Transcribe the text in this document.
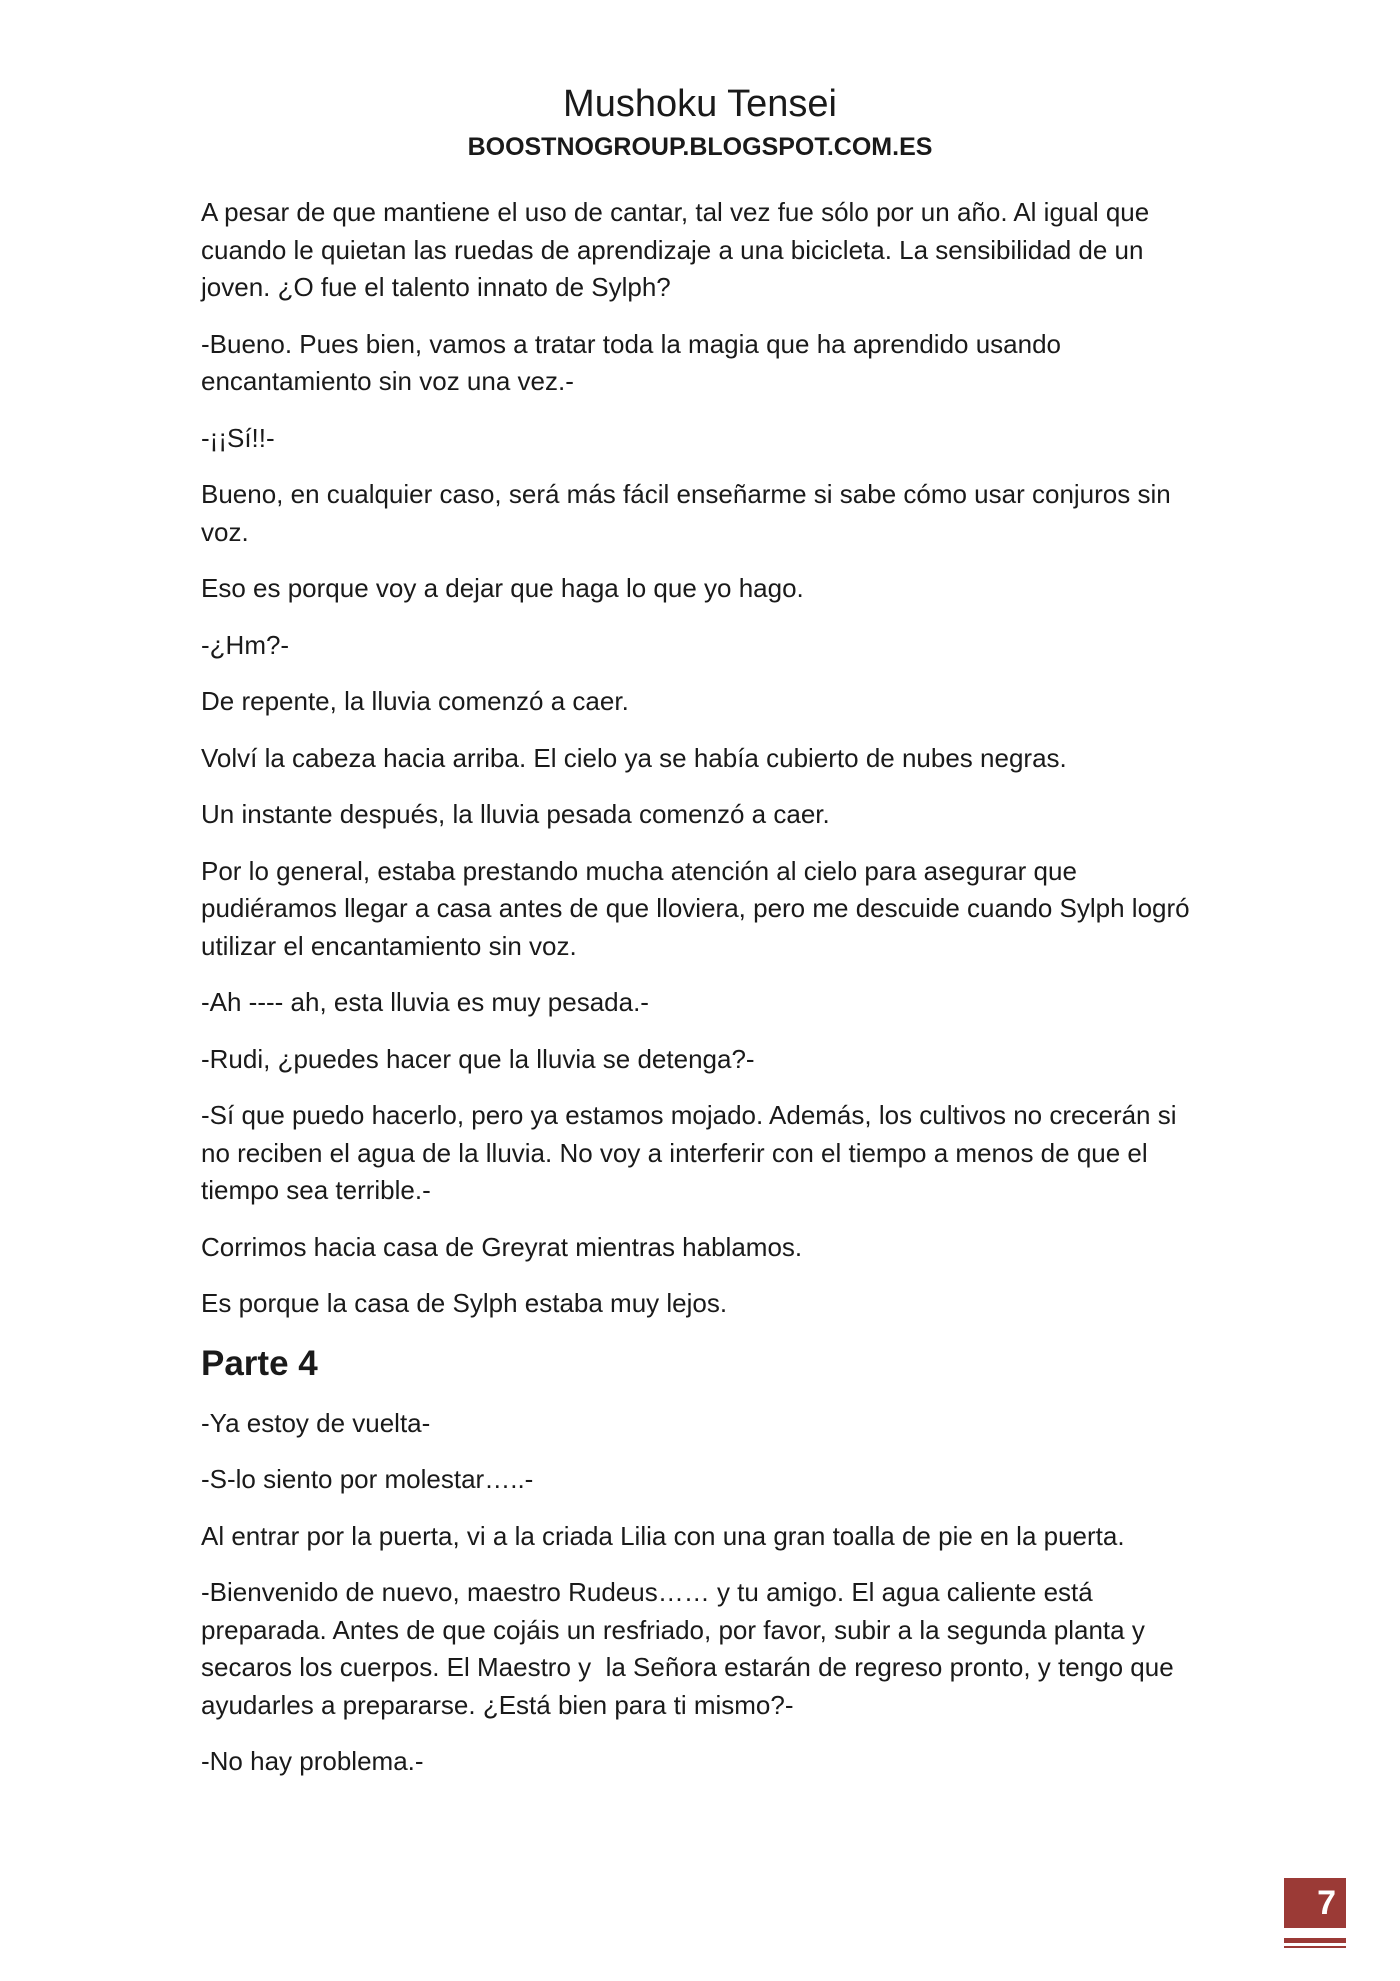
Mushoku Tensei
BOOSTNOGROUP.BLOGSPOT.COM.ES

A pesar de que mantiene el uso de cantar, tal vez fue sólo por un año. Al igual que cuando le quietan las ruedas de aprendizaje a una bicicleta. La sensibilidad de un joven. ¿O fue el talento innato de Sylph?

-Bueno. Pues bien, vamos a tratar toda la magia que ha aprendido usando encantamiento sin voz una vez.-

-¡¡Sí!!-

Bueno, en cualquier caso, será más fácil enseñarme si sabe cómo usar conjuros sin voz.

Eso es porque voy a dejar que haga lo que yo hago.

-¿Hm?-

De repente, la lluvia comenzó a caer.

Volví la cabeza hacia arriba. El cielo ya se había cubierto de nubes negras.

Un instante después, la lluvia pesada comenzó a caer.

Por lo general, estaba prestando mucha atención al cielo para asegurar que pudiéramos llegar a casa antes de que lloviera, pero me descuide cuando Sylph logró utilizar el encantamiento sin voz.

-Ah ---- ah, esta lluvia es muy pesada.-

-Rudi, ¿puedes hacer que la lluvia se detenga?-

-Sí que puedo hacerlo, pero ya estamos mojado. Además, los cultivos no crecerán si no reciben el agua de la lluvia. No voy a interferir con el tiempo a menos de que el tiempo sea terrible.-

Corrimos hacia casa de Greyrat mientras hablamos.

Es porque la casa de Sylph estaba muy lejos.

Parte 4

-Ya estoy de vuelta-

-S-lo siento por molestar…..-

Al entrar por la puerta, vi a la criada Lilia con una gran toalla de pie en la puerta.

-Bienvenido de nuevo, maestro Rudeus…… y tu amigo. El agua caliente está preparada. Antes de que cojáis un resfriado, por favor, subir a la segunda planta y secaros los cuerpos. El Maestro y  la Señora estarán de regreso pronto, y tengo que ayudarles a prepararse. ¿Está bien para ti mismo?-

-No hay problema.-

7
